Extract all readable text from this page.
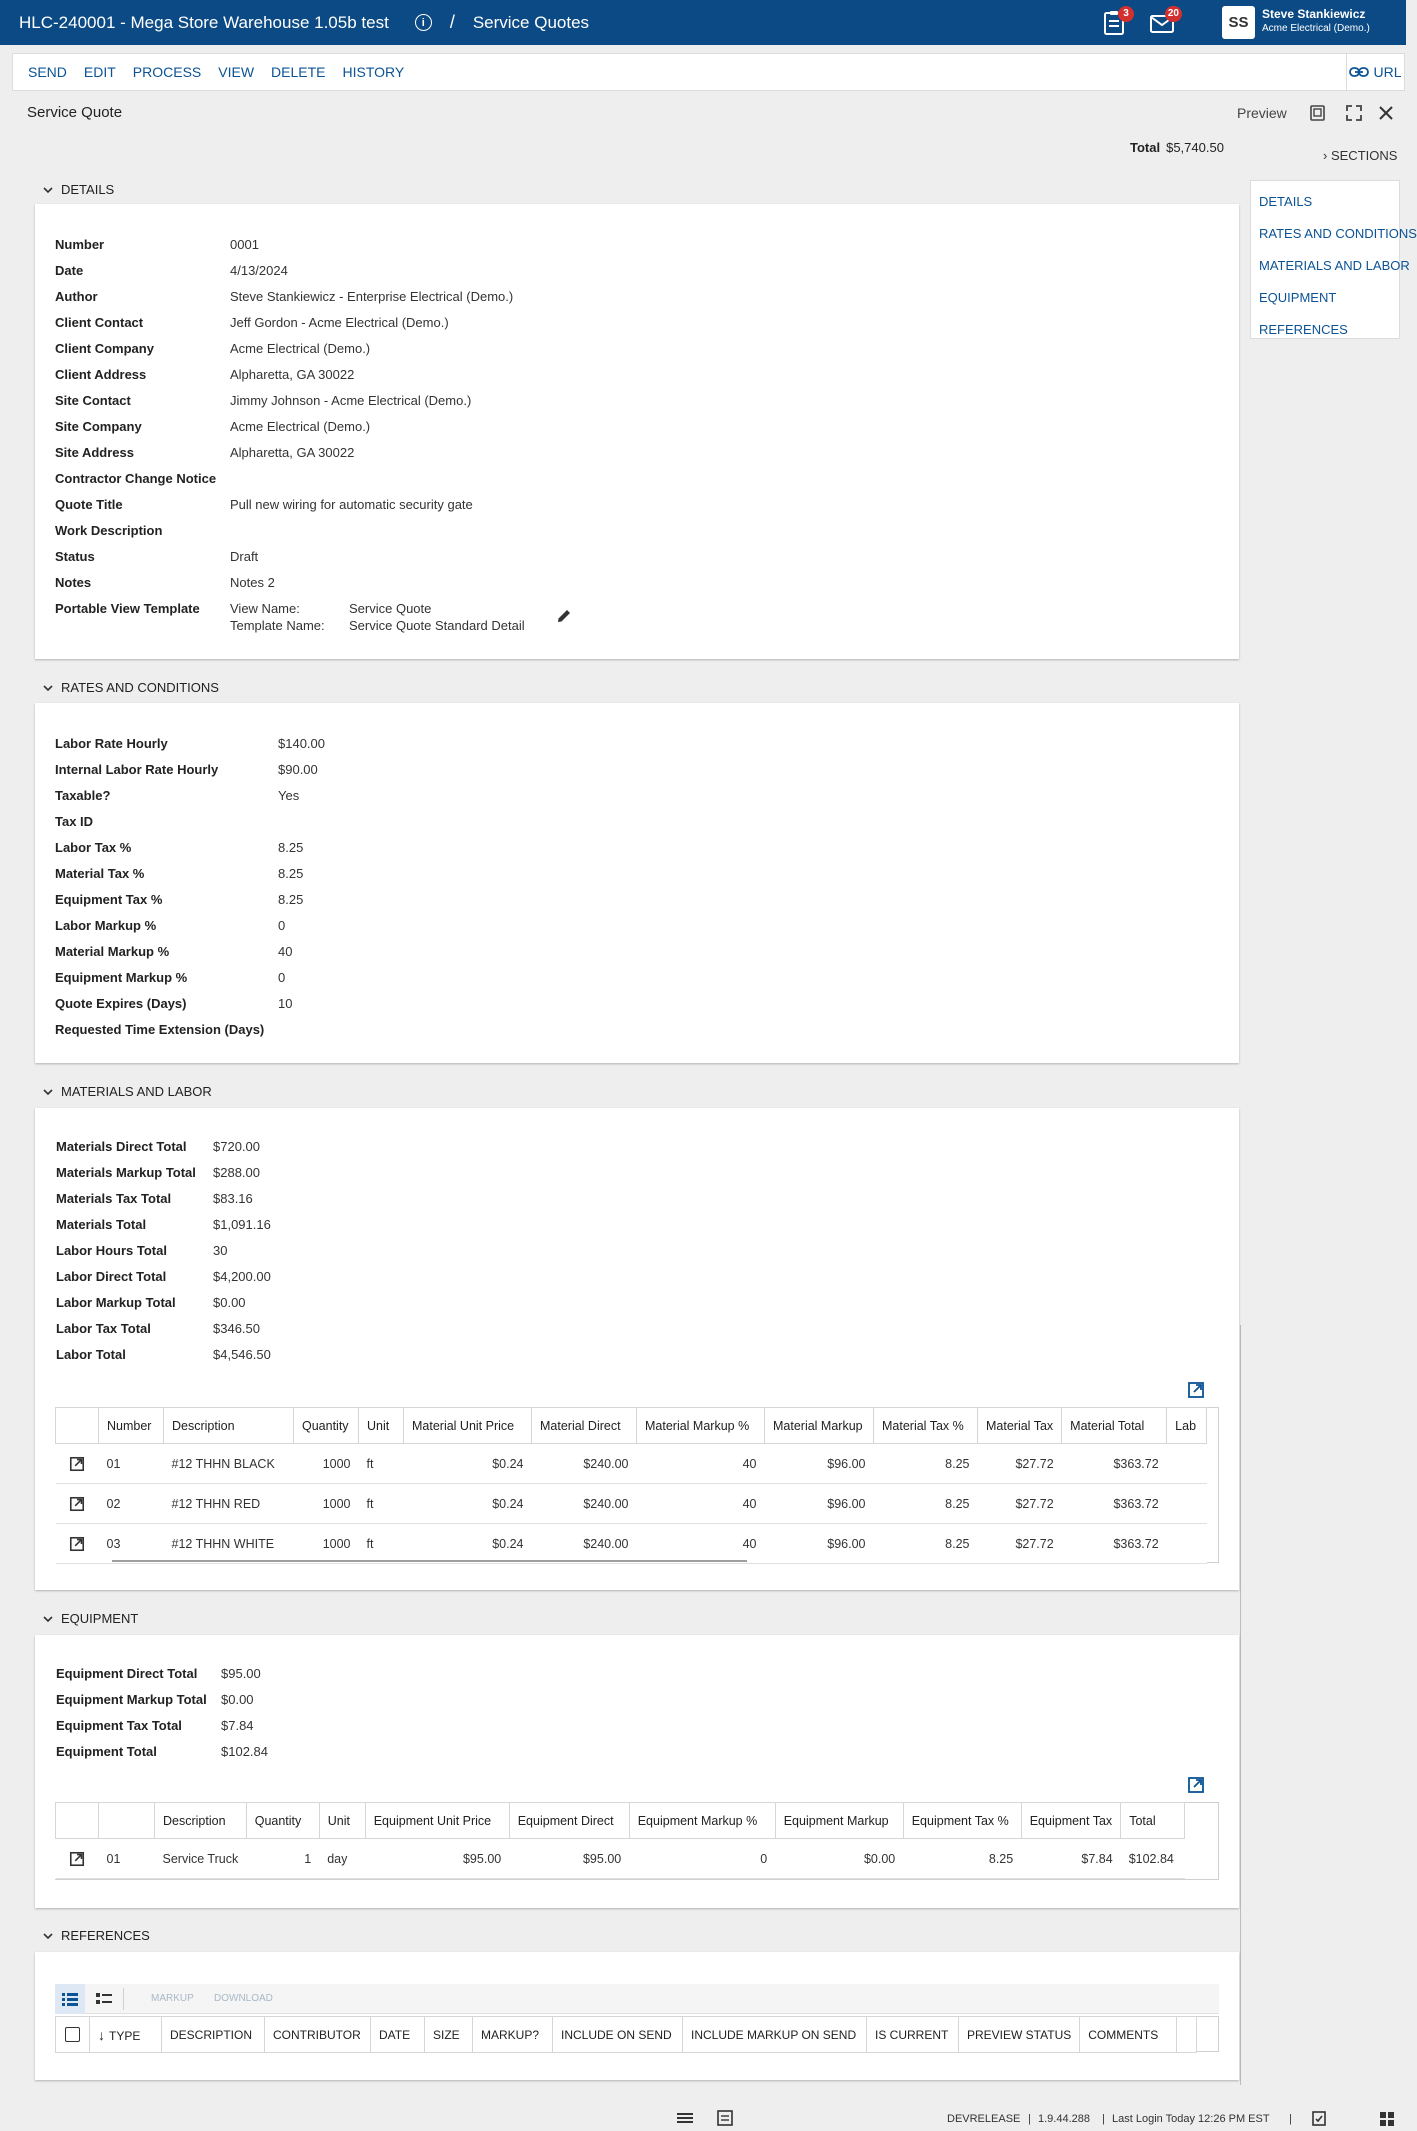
HLC-240001 - Mega Store Warehouse 1.05b test	i	/ Service Quotes	3	20
SS	Steve Stankiewicz
Acme Electrical (Demo.)
SEND EDIT PROCESS VIEW DELETE HISTORY	URL
Service Quote	Preview
Total $5,740.50
› SECTIONS
DETAILS
RATES AND CONDITIONS
MATERIALS AND LABOR
EQUIPMENT
REFERENCES
DETAILS
Number	0001
Date	4/13/2024
Author	Steve Stankiewicz - Enterprise Electrical (Demo.)
Client Contact	Jeff Gordon - Acme Electrical (Demo.)
Client Company	Acme Electrical (Demo.)
Client Address	Alpharetta, GA 30022
Site Contact	Jimmy Johnson - Acme Electrical (Demo.)
Site Company	Acme Electrical (Demo.)
Site Address	Alpharetta, GA 30022
Contractor Change Notice
Quote Title	Pull new wiring for automatic security gate
Work Description
Status	Draft
Notes	Notes 2
Portable View Template View Name:	Service Quote
Template Name: Service Quote Standard Detail
RATES AND CONDITIONS
Labor Rate Hourly	$140.00
Internal Labor Rate Hourly	$90.00
Taxable?	Yes
Tax ID
Labor Tax %	8.25
Material Tax %	8.25
Equipment Tax %	8.25
Labor Markup %	0
Material Markup %	40
Equipment Markup %	0
Quote Expires (Days)	10
Requested Time Extension (Days)
MATERIALS AND LABOR
Materials Direct Total $720.00
Materials Markup Total $288.00
Materials Tax Total	$83.16
Materials Total	$1,091.16
Labor Hours Total	30
Labor Direct Total	$4,200.00
Labor Markup Total	$0.00
Labor Tax Total	$346.50
Labor Total	$4,546.50
	Number	Description	Quantity	Unit	Material Unit Price	Material Direct	Material Markup %	Material Markup	Material Tax %	Material Tax	Material Total	Lab
	01	#12 THHN BLACK	1000	ft	$0.24	$240.00	40	$96.00	8.25	$27.72	$363.72	
	02	#12 THHN RED	1000	ft	$0.24	$240.00	40	$96.00	8.25	$27.72	$363.72	
	03	#12 THHN WHITE	1000	ft	$0.24	$240.00	40	$96.00	8.25	$27.72	$363.72	
EQUIPMENT
Equipment Direct Total $95.00
Equipment Markup Total $0.00
Equipment Tax Total	$7.84
Equipment Total	$102.84
		Description	Quantity	Unit	Equipment Unit Price	Equipment Direct	Equipment Markup %	Equipment Markup	Equipment Tax %	Equipment Tax	Total
	01	Service Truck	1	day	$95.00	$95.00	0	$0.00	8.25	$7.84	$102.84
REFERENCES
MARKUP DOWNLOAD
	↓ TYPE	DESCRIPTION	CONTRIBUTOR	DATE	SIZE	MARKUP?	INCLUDE ON SEND	INCLUDE MARKUP ON SEND	IS CURRENT	PREVIEW STATUS	COMMENTS	
DEVRELEASE | 1.9.44.288 | Last Login Today 12:26 PM EST |
